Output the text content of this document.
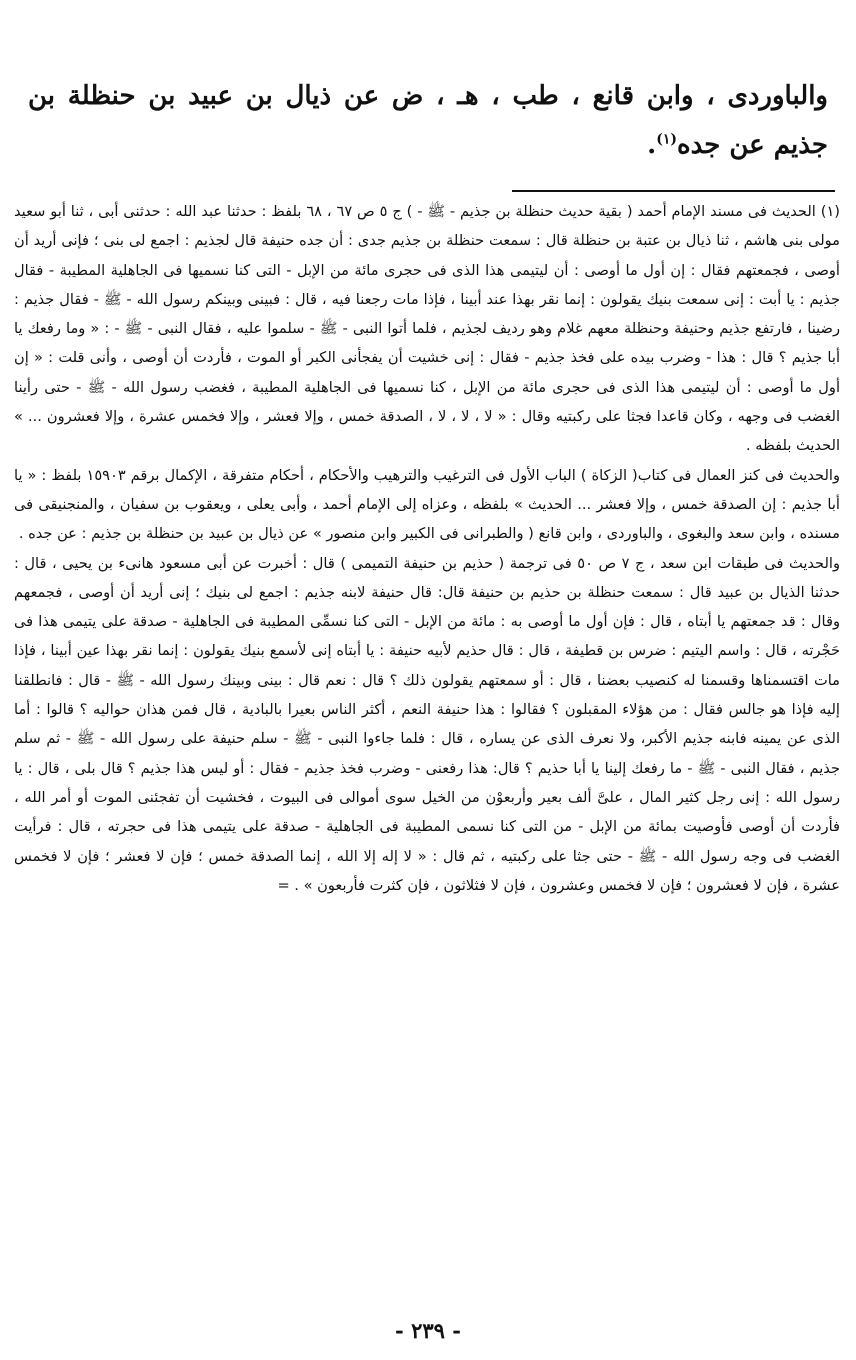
والباوردى ، وابن قانع ، طب ، هـ ، ض عن ذيال بن عبيد بن حنظلة بن جذيم عن جده$^{(١)}$.

(١) الحديث فى مسند الإمام أحمد ( بقية حديث حنظلة بن جذيم - ﷺ - ) ج ٥ ص ٦٧ ، ٦٨ بلفظ : حدثنا عبد الله : حدثنى أبى ، ثنا أبو سعيد مولى بنى هاشم ، ثنا ذيال بن عتبة بن حنظلة قال : سمعت حنظلة بن جذيم جدى : أن جده حنيفة قال لجذيم : اجمع لى بنى ؛ فإنى أريد أن أوصى ، فجمعتهم فقال : إن أول ما أوصى : أن ليتيمى هذا الذى فى حجرى مائة من الإبل - التى كنا نسميها فى الجاهلية المطيبة - فقال جذيم : يا أبت : إنى سمعت بنيك يقولون : إنما نقر بهذا عند أبينا ، فإذا مات رجعنا فيه ، قال : فبينى وبينكم رسول الله - ﷺ - فقال جذيم : رضينا ، فارتفع جذيم وحنيفة وحنظلة معهم غلام وهو رديف لجذيم ، فلما أتوا النبى - ﷺ - سلموا عليه ، فقال النبى - ﷺ - : « وما رفعك يا أبا جذيم ؟ قال : هذا - وضرب بيده على فخذ جذيم - فقال : إنى خشيت أن يفجأنى الكبر أو الموت ، فأردت أن أوصى ، وأنى قلت : « إن أول ما أوصى : أن ليتيمى هذا الذى فى حجرى مائة من الإبل ، كنا نسميها فى الجاهلية المطيبة ، فغضب رسول الله - ﷺ - حتى رأينا الغضب فى وجهه ، وكان قاعدا فجثا على ركبتيه وقال : « لا ، لا ، لا ، الصدقة خمس ، وإلا فعشر ، وإلا فخمس عشرة ، وإلا فعشرون ... » الحديث بلفظه .

والحديث فى كنز العمال فى كتاب( الزكاة ) الباب الأول فى الترغيب والترهيب والأحكام ، أحكام متفرقة ، الإكمال برقم ١٥٩٠٣ بلفظ : « يا أبا جذيم : إن الصدقة خمس ، وإلا فعشر ... الحديث » بلفظه ، وعزاه إلى الإمام أحمد ، وأبى يعلى ، ويعقوب بن سفيان ، والمنجنيقى فى مسنده ، وابن سعد والبغوى ، والباوردى ، وابن قانع ( والطبرانى فى الكبير وابن منصور » عن ذيال بن عبيد بن حنظلة بن جذيم : عن جده .

والحديث فى طبقات ابن سعد ، ج ٧ ص ٥٠ فى ترجمة ( حذيم بن حنيفة التميمى ) قال : أخبرت عن أبى مسعود هانىء بن يحيى ، قال : حدثنا الذيال بن عبيد قال : سمعت حنظلة بن حذيم بن حنيفة قال: قال حنيفة لابنه جذيم : اجمع لى بنيك ؛ إنى أريد أن أوصى ، فجمعهم وقال : قد جمعتهم يا أبتاه ، قال : فإن أول ما أوصى به : مائة من الإبل - التى كنا نسمِّى المطيبة فى الجاهلية - صدقة على يتيمى هذا فى حَجْرته ، قال : واسم اليتيم : ضرس بن قطيفة ، قال : قال حذيم لأبيه حنيفة : يا أبتاه إنى لأسمع بنيك يقولون : إنما نقر بهذا عين أبينا ، فإذا مات اقتسمناها وقسمنا له كنصيب بعضنا ، قال : أو سمعتهم يقولون ذلك ؟ قال : نعم قال : بينى وبينك رسول الله - ﷺ - قال : فانطلقنا إليه فإذا هو جالس فقال : من هؤلاء المقبلون ؟ فقالوا : هذا حنيفة النعم ، أكثر الناس بعيرا بالبادية ، قال فمن هذان حواليه ؟ قالوا : أما الذى عن يمينه فابنه جذيم الأكبر، ولا نعرف الذى عن يساره ، قال : فلما جاءوا النبى - ﷺ - سلم حنيفة على رسول الله - ﷺ - ثم سلم جذيم ، فقال النبى - ﷺ - ما رفعك إلينا يا أبا حذيم ؟ قال: هذا رفعنى - وضرب فخذ جذيم - فقال : أو ليس هذا جذيم ؟ قال بلى ، قال : يا رسول الله : إنى رجل كثير المال ، علىَّ ألف بعير وأربعوْن من الخيل سوى أموالى فى البيوت ، فخشيت أن تفجئنى الموت أو أمر الله ، فأردت أن أوصى فأوصيت بمائة من الإبل - من التى كنا نسمى المطيبة فى الجاهلية - صدقة على يتيمى هذا فى حجرته ، قال : فرأيت الغضب فى وجه رسول الله - ﷺ - حتى جثا على ركبتيه ، ثم قال : « لا إله إلا الله ، إنما الصدقة خمس ؛ فإن لا فعشر ؛ فإن لا فخمس عشرة ، فإن لا فعشرون ؛ فإن لا فخمس وعشرون ، فإن لا فثلاثون ، فإن كثرت فأربعون » . =

- ٢٣٩ -
